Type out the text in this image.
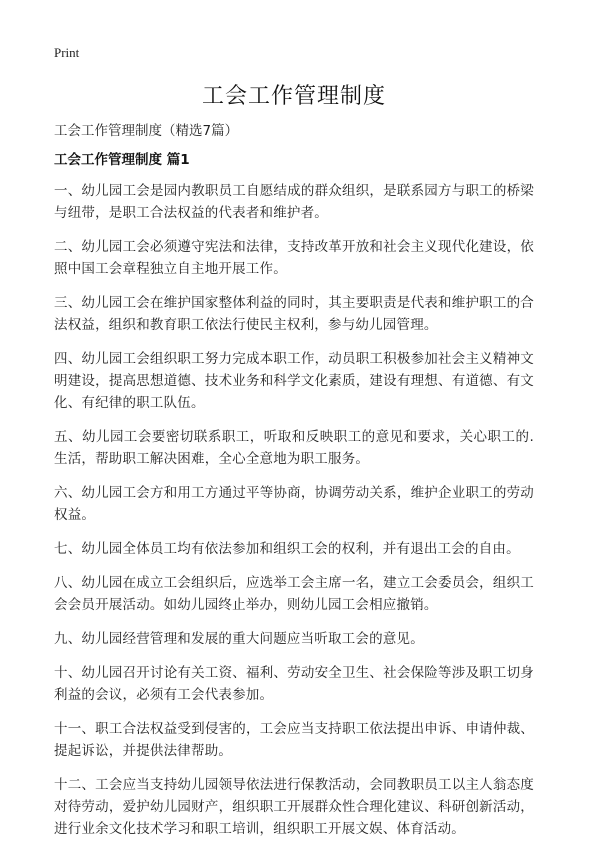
Print
工会工作管理制度
工会工作管理制度（精选7篇）
工会工作管理制度 篇1

一、幼儿园工会是园内教职员工自愿结成的群众组织，是联系园方与职工的桥梁与纽带，是职工合法权益的代表者和维护者。

二、幼儿园工会必须遵守宪法和法律，支持改革开放和社会主义现代化建设，依照中国工会章程独立自主地开展工作。

三、幼儿园工会在维护国家整体利益的同时，其主要职责是代表和维护职工的合法权益，组织和教育职工依法行使民主权利，参与幼儿园管理。

四、幼儿园工会组织职工努力完成本职工作，动员职工积极参加社会主义精神文明建设，提高思想道德、技术业务和科学文化素质，建设有理想、有道德、有文化、有纪律的职工队伍。

五、幼儿园工会要密切联系职工，听取和反映职工的意见和要求，关心职工的.生活，帮助职工解决困难，全心全意地为职工服务。

六、幼儿园工会方和用工方通过平等协商，协调劳动关系，维护企业职工的劳动权益。

七、幼儿园全体员工均有依法参加和组织工会的权利，并有退出工会的自由。

八、幼儿园在成立工会组织后，应选举工会主席一名，建立工会委员会，组织工会会员开展活动。如幼儿园终止举办，则幼儿园工会相应撤销。

九、幼儿园经营管理和发展的重大问题应当听取工会的意见。

十、幼儿园召开讨论有关工资、福利、劳动安全卫生、社会保险等涉及职工切身利益的会议，必须有工会代表参加。

十一、职工合法权益受到侵害的，工会应当支持职工依法提出申诉、申请仲裁、提起诉讼，并提供法律帮助。

十二、工会应当支持幼儿园领导依法进行保教活动，会同教职员工以主人翁态度对待劳动，爱护幼儿园财产，组织职工开展群众性合理化建议、科研创新活动，进行业余文化技术学习和职工培训，组织职工开展文娱、体育活动。
